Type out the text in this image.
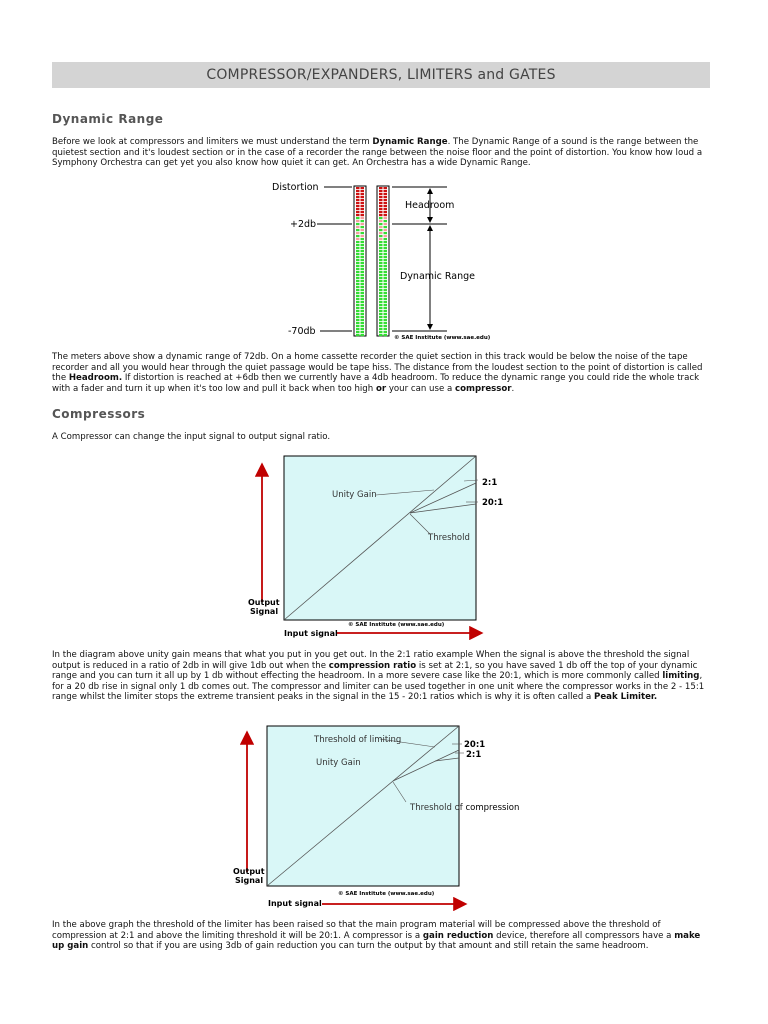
COMPRESSOR/EXPANDERS, LIMITERS and GATES
Dynamic Range

Before we look at compressors and limiters we must understand the term Dynamic Range. The Dynamic Range of a sound is the range between the quietest section and it's loudest section or in the case of a recorder the range between the noise floor and the point of distortion. You know how loud a Symphony Orchestra can get yet you also know how quiet it can get. An Orchestra has a wide Dynamic Range.

Distortion
+2db
-70db
Headroom
Dynamic Range
© SAE Institute (www.sae.edu)

The meters above show a dynamic range of 72db. On a home cassette recorder the quiet section in this track would be below the noise of the tape recorder and all you would hear through the quiet passage would be tape hiss. The distance from the loudest section to the point of distortion is called the Headroom. If distortion is reached at +6db then we currently have a 4db headroom. To reduce the dynamic range you could ride the whole track with a fader and turn it up when it's too low and pull it back when too high or your can use a compressor.

Compressors

A Compressor can change the input signal to output signal ratio.

Unity Gain
Threshold
2:1
20:1
Output
Signal
Input signal
© SAE Institute (www.sae.edu)

In the diagram above unity gain means that what you put in you get out. In the 2:1 ratio example When the signal is above the threshold the signal output is reduced in a ratio of 2db in will give 1db out when the compression ratio is set at 2:1, so you have saved 1 db off the top of your dynamic range and you can turn it all up by 1 db without effecting the headroom. In a more severe case like the 20:1, which is more commonly called limiting, for a 20 db rise in signal only 1 db comes out. The compressor and limiter can be used together in one unit where the compressor works in the 2 - 15:1 range whilst the limiter stops the extreme transient peaks in the signal in the 15 - 20:1 ratios which is why it is often called a Peak Limiter.

Threshold of limiting
Unity Gain
Threshold of compression
20:1
2:1
Output
Signal
Input signal
© SAE Institute (www.sae.edu)

In the above graph the threshold of the limiter has been raised so that the main program material will be compressed above the threshold of compression at 2:1 and above the limiting threshold it will be 20:1. A compressor is a gain reduction device, therefore all compressors have a make up gain control so that if you are using 3db of gain reduction you can turn the output by that amount and still retain the same headroom.
